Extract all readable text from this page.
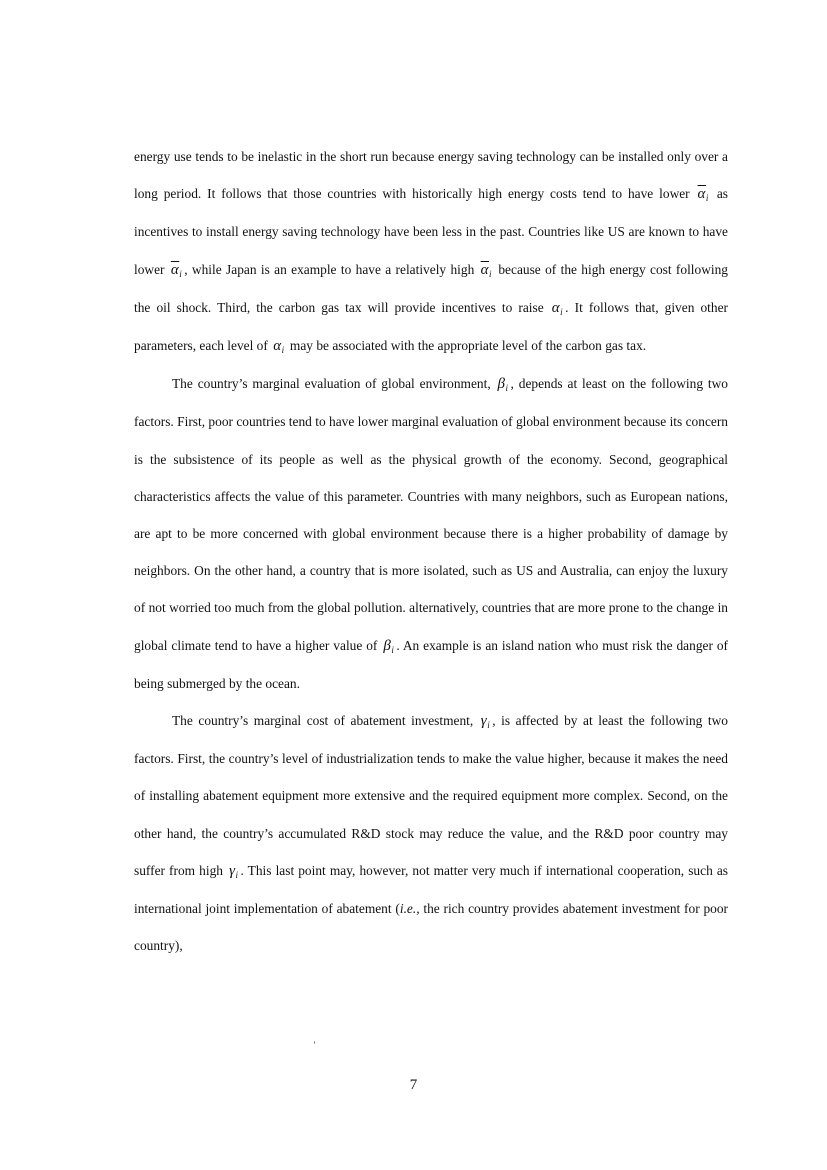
energy use tends to be inelastic in the short run because energy saving technology can be installed only over a long period. It follows that those countries with historically high energy costs tend to have lower $\overline{\alpha}_i$ as incentives to install energy saving technology have been less in the past. Countries like US are known to have lower $\overline{\alpha}_i$ , while Japan is an example to have a relatively high $\overline{\alpha}_i$ because of the high energy cost following the oil shock. Third, the carbon gas tax will provide incentives to raise $\alpha_i$ . It follows that, given other parameters, each level of $\alpha_i$ may be associated with the appropriate level of the carbon gas tax.

The country’s marginal evaluation of global environment, $\beta_i$ , depends at least on the following two factors. First, poor countries tend to have lower marginal evaluation of global environment because its concern is the subsistence of its people as well as the physical growth of the economy. Second, geographical characteristics affects the value of this parameter. Countries with many neighbors, such as European nations, are apt to be more concerned with global environment because there is a higher probability of damage by neighbors. On the other hand, a country that is more isolated, such as US and Australia, can enjoy the luxury of not worried too much from the global pollution. alternatively, countries that are more prone to the change in global climate tend to have a higher value of $\beta_i$ . An example is an island nation who must risk the danger of being submerged by the ocean.

The country’s marginal cost of abatement investment, $\gamma_i$ , is affected by at least the following two factors. First, the country’s level of industrialization tends to make the value higher, because it makes the need of installing abatement equipment more extensive and the required equipment more complex. Second, on the other hand, the country’s accumulated R&D stock may reduce the value, and the R&D poor country may suffer from high $\gamma_i$ . This last point may, however, not matter very much if international cooperation, such as international joint implementation of abatement (i.e., the rich country provides abatement investment for poor country),

’
7
